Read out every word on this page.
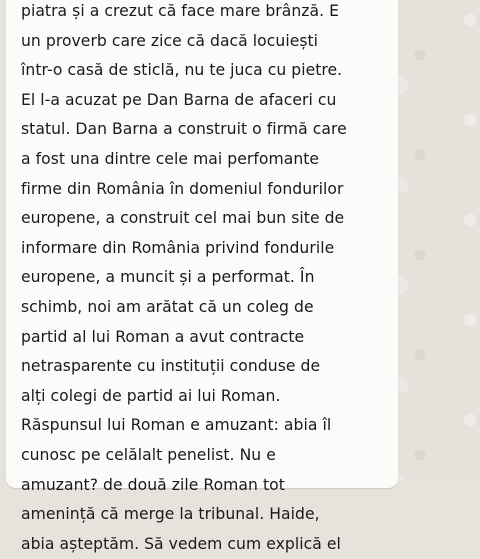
piatra și a crezut că face mare brânză. E
un proverb care zice că dacă locuiești
într-o casă de sticlă, nu te juca cu pietre.
El l-a acuzat pe Dan Barna de afaceri cu
statul. Dan Barna a construit o firmă care
a fost una dintre cele mai perfomante
firme din România în domeniul fondurilor
europene, a construit cel mai bun site de
informare din România privind fondurile
europene, a muncit și a performat. În
schimb, noi am arătat că un coleg de
partid al lui Roman a avut contracte
netrasparente cu instituții conduse de
alți colegi de partid ai lui Roman.
Răspunsul lui Roman e amuzant: abia îl
cunosc pe celălalt penelist. Nu e
amuzant? de două zile Roman tot
amenință că merge la tribunal. Haide,
abia așteptăm. Să vedem cum explică el
